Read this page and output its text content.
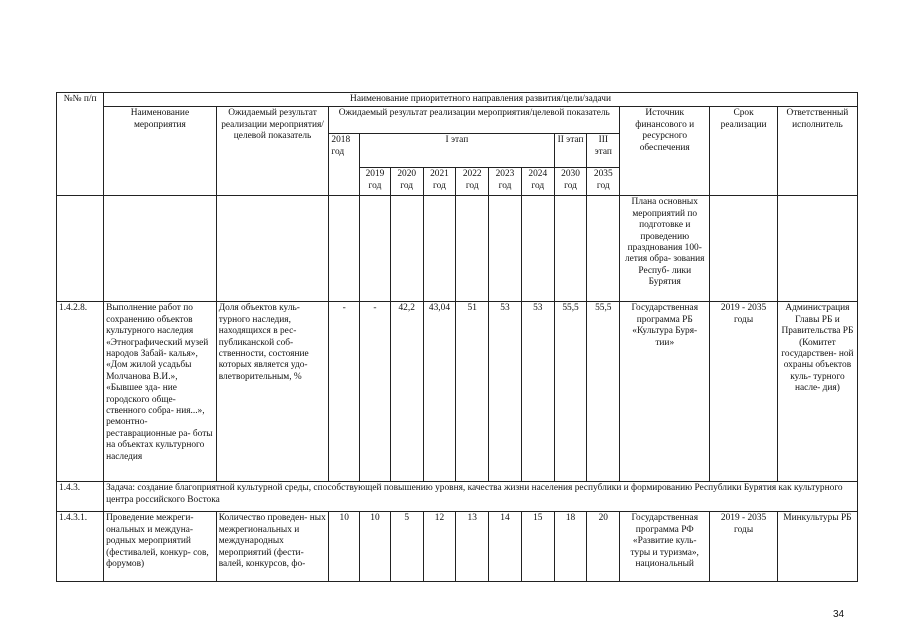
№№ п/п	Наименование приоритетного направления развития/цели/задачи													
	Наименование мероприятия	Ожидаемый результат реализации мероприятия/целевой показатель	Ожидаемый результат реализации мероприятия/целевой показатель									Источник финансового и ресурсного обеспечения	Срок реализации	Ответственный исполнитель
			2018 год	I этап						II этап	III этап			
				2019 год	2020 год	2021 год	2022 год	2023 год	2024 год	2030 год	2035 год			
												Плана основных мероприятий по подготовке и проведению празднования 100-летия обра- зования Респуб- лики Бурятия		
1.4.2.8.	Выполнение работ по сохранению объектов культурного наследия «Этнографический музей народов Забай- калья», «Дом жилой усадьбы Молчанова В.И.», «Бывшее зда- ние городского обще- ственного собра- ния...», ремонтно- реставрационные ра- боты на объектах культурного наследия	Доля объектов куль- турного наследия, находящихся в рес- публиканской соб- ственности, состояние которых является удо- влетворительным, %	-	-	42,2	43,04	51	53	53	55,5	55,5	Государственная программа РБ «Культура Буря- тии»	2019 - 2035 годы	Администрация Главы РБ и Правительства РБ (Комитет государствен- ной охраны объектов куль- турного насле- дия)
1.4.3.	Задача: создание благоприятной культурной среды, способствующей повышению уровня, качества жизни населения республики и формированию Республики Бурятия как культурного центра российского Востока													
1.4.3.1.	Проведение межреги- ональных и междуна- родных мероприятий (фестивалей, конкур- сов, форумов)	Количество проведен- ных межрегиональных и международных мероприятий (фести- валей, конкурсов, фо-	10	10	5	12	13	14	15	18	20	Государственная программа РФ «Развитие куль- туры и туризма», национальный	2019 - 2035 годы	Минкультуры РБ
34
